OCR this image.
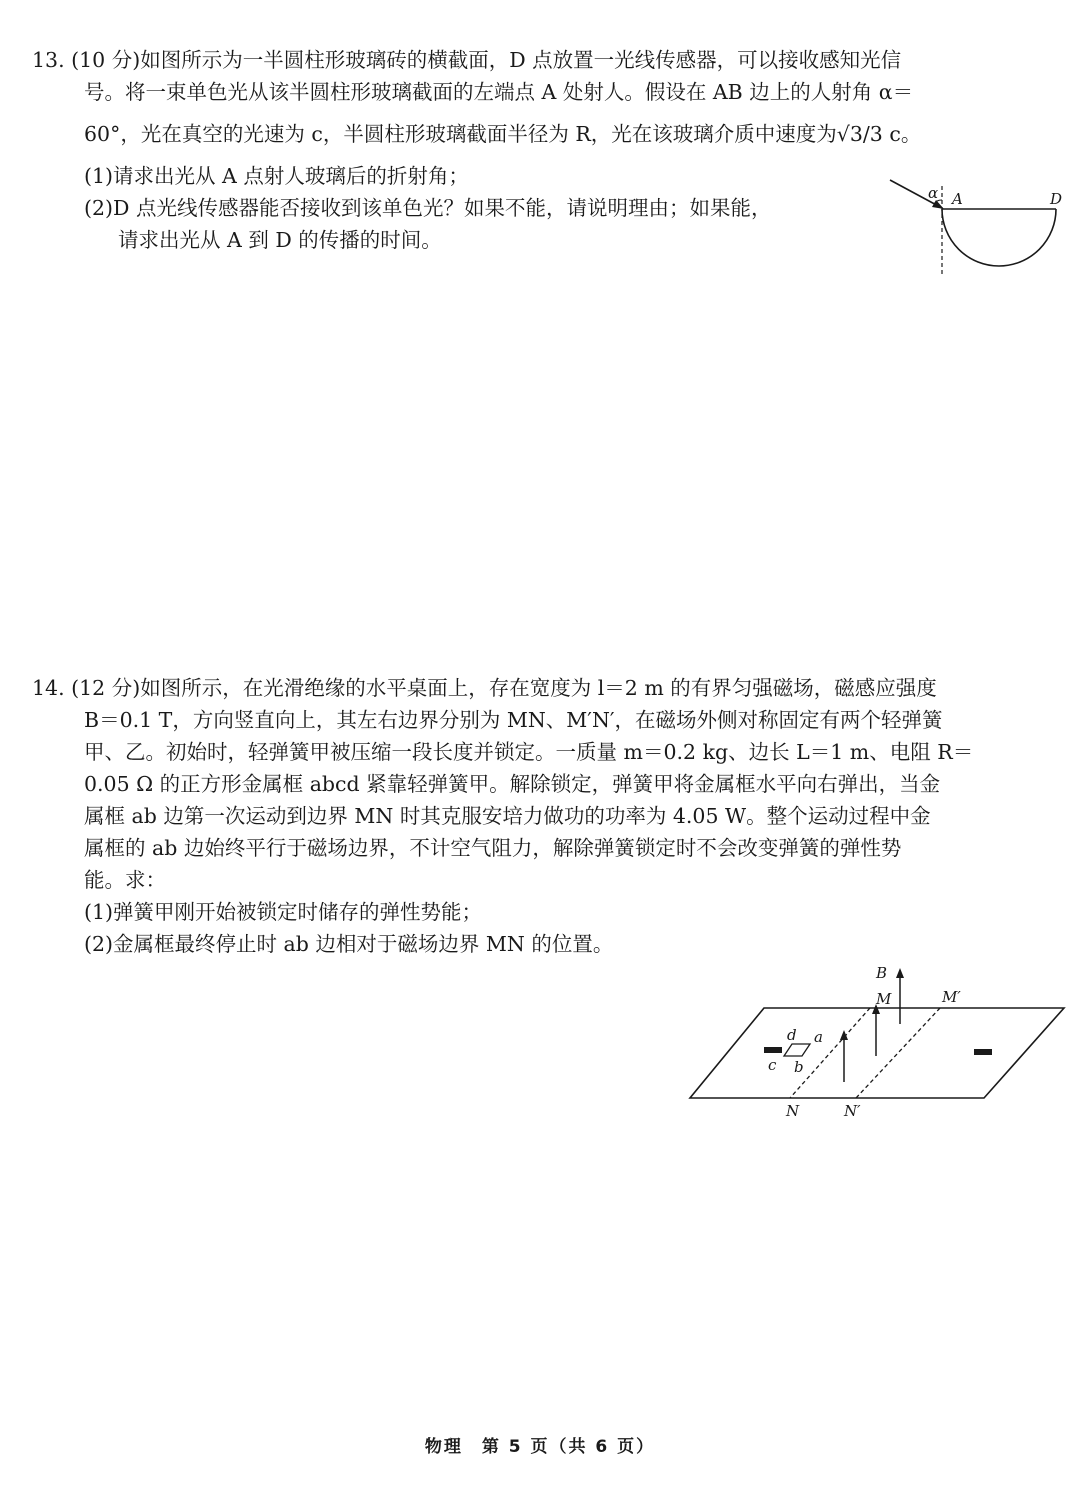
13. (10 分)如图所示为一半圆柱形玻璃砖的横截面，D 点放置一光线传感器，可以接收感知光信
号。将一束单色光从该半圆柱形玻璃截面的左端点 A 处射人。假设在 AB 边上的人射角 α＝
60°，光在真空的光速为 c，半圆柱形玻璃截面半径为 R，光在该玻璃介质中速度为√3/3 c。
(1)请求出光从 A 点射人玻璃后的折射角；
(2)D 点光线传感器能否接收到该单色光？如果不能，请说明理由；如果能，
请求出光从 A 到 D 的传播的时间。
α A	D
14. (12 分)如图所示，在光滑绝缘的水平桌面上，存在宽度为 l＝2 m 的有界匀强磁场，磁感应强度
B＝0.1 T，方向竖直向上，其左右边界分别为 MN、M′N′，在磁场外侧对称固定有两个轻弹簧
甲、乙。初始时，轻弹簧甲被压缩一段长度并锁定。一质量 m＝0.2 kg、边长 L＝1 m、电阻 R＝
0.05 Ω 的正方形金属框 abcd 紧靠轻弹簧甲。解除锁定，弹簧甲将金属框水平向右弹出，当金
属框 ab 边第一次运动到边界 MN 时其克服安培力做功的功率为 4.05 W。整个运动过程中金
属框的 ab 边始终平行于磁场边界，不计空气阻力，解除弹簧锁定时不会改变弹簧的弹性势
能。求：
(1)弹簧甲刚开始被锁定时储存的弹性势能；
(2)金属框最终停止时 ab 边相对于磁场边界 MN 的位置。
B
M	M′
N	N′
a
b
c
d
物理　第 5 页（共 6 页）
